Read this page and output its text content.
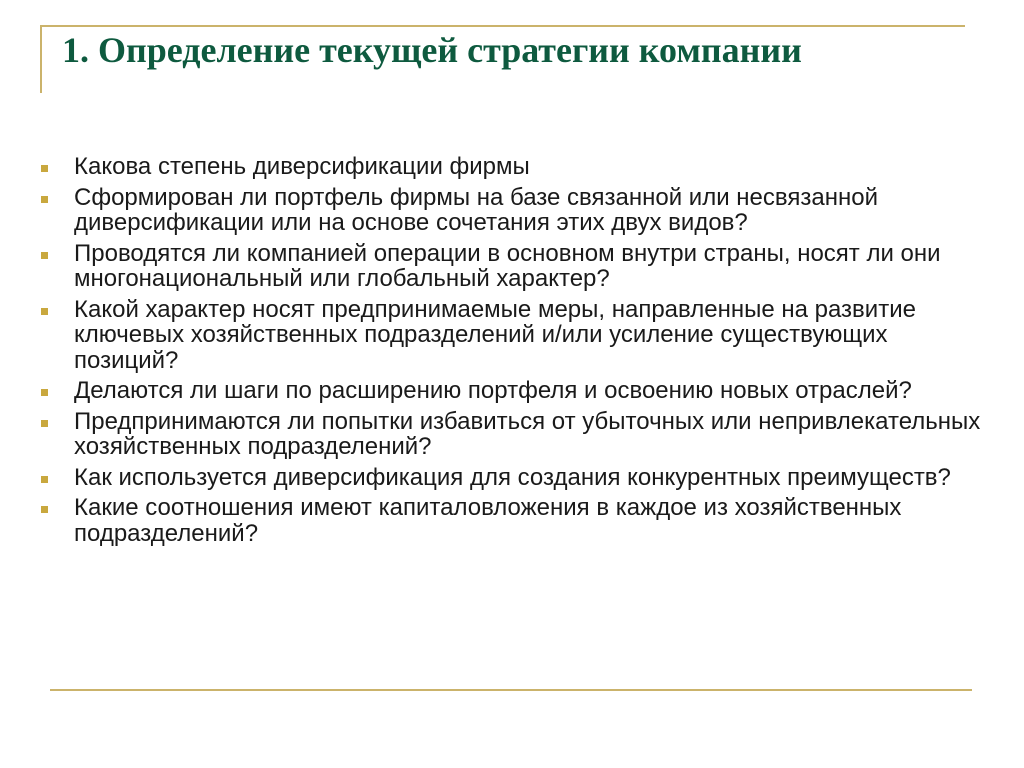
1. Определение текущей стратегии компании
Какова степень диверсификации фирмы
Сформирован ли портфель фирмы на базе связанной или несвязанной диверсификации или на основе сочетания этих двух видов?
Проводятся ли компанией операции в основном внутри страны, носят ли они многонациональный или глобальный характер?
Какой характер носят предпринимаемые меры, направленные на развитие ключевых хозяйственных подразделений и/или усиление существующих позиций?
Делаются ли шаги по расширению портфеля и освоению новых отраслей?
Предпринимаются ли попытки избавиться от убыточных или непривлекательных хозяйственных подразделений?
Как используется диверсификация для создания конкурентных преимуществ?
Какие соотношения имеют капиталовложения в каждое из хозяйственных подразделений?
